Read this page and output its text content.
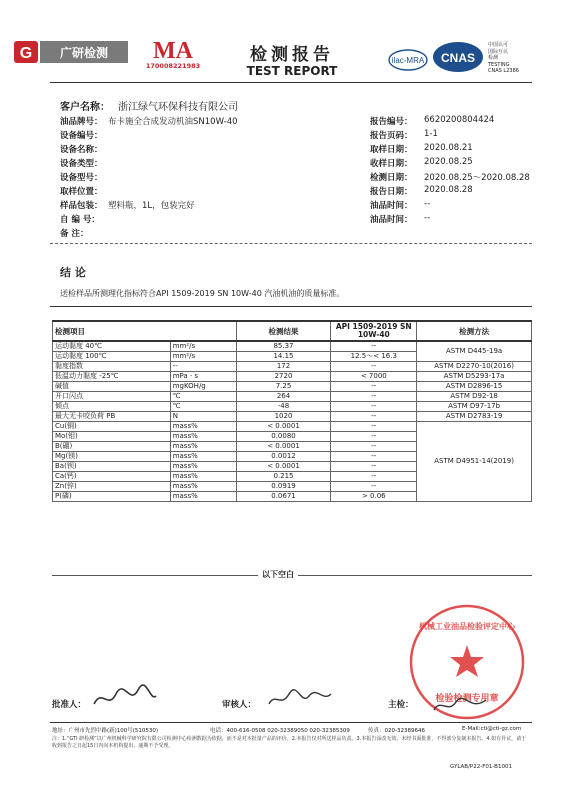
G 广研检测 MA
170008221983
检测报告
TEST REPORT
ilac-MRA CNAS
中国认可
国际互认
检测
TESTING
CNAS L2386
客户名称： 浙江绿气环保科技有限公司
油品牌号： 布卡施全合成发动机油SN10W-40
设备编号：
设备名称：
设备类型：
设备型号：
取样位置：
样品包装： 塑料瓶，1L，包装完好
自 编 号：
备 注：
报告编号： 6620200804424
报告页码： 1-1
取样日期： 2020.08.21
收样日期： 2020.08.25
检测日期： 2020.08.25～2020.08.28
报告日期： 2020.08.28
油品时间： --
油品时间： --
结 论
送检样品所测理化指标符合API 1509-2019 SN 10W-40 汽油机油的质量标准。
检测项目		检测结果	API 1509-2019 SN 10W-40	检测方法
运动黏度 40℃	mm²/s	85.37	--	ASTM D445-19a
运动黏度 100℃	mm²/s	14.15	12.5～< 16.3	
黏度指数	--	172	--	ASTM D2270-10(2016)
低温动力黏度 -25℃	mPa · s	2720	< 7000	ASTM D5293-17a
碱值	mgKOH/g	7.25	--	ASTM D2896-15
开口闪点	℃	264	--	ASTM D92-18
倾点	℃	-48	--	ASTM D97-17b
最大无卡咬负荷 PB	N	1020	--	ASTM D2783-19
Cu(铜)	mass%	< 0.0001	--	ASTM D4951-14(2019)
Mo(钼)	mass%	0.0080	--	
B(硼)	mass%	< 0.0001	--	
Mg(镁)	mass%	0.0012	--	
Ba(钡)	mass%	< 0.0001	--	
Ca(钙)	mass%	0.215	--	
Zn(锌)	mass%	0.0919	--	
P(磷)	mass%	0.0671	> 0.06	
以下空白
检验检测专用章
机械工业油品检验评定中心
批准人：	审核人：	主检：
地址：广州市先烈中路(新)100号(510530)	电话：400-616-0508 020-32389050 020-32385309	传真：020-32389646	E-Mail:cti@cti-gz.com
注：1.“GTI 研检测”以广州机械科学研究院有限公司检测中心检测数据为依据，而不是对本批量产品的评价。2.本报告仅对所送样品负责。3.本报告涂改无效，未经书面批准，不得部分复制本报告。4.如有异议，请于收到报告之日起15日内向本机构提出，逾期不予受理。
GYLAB/P22-F01-B1001
